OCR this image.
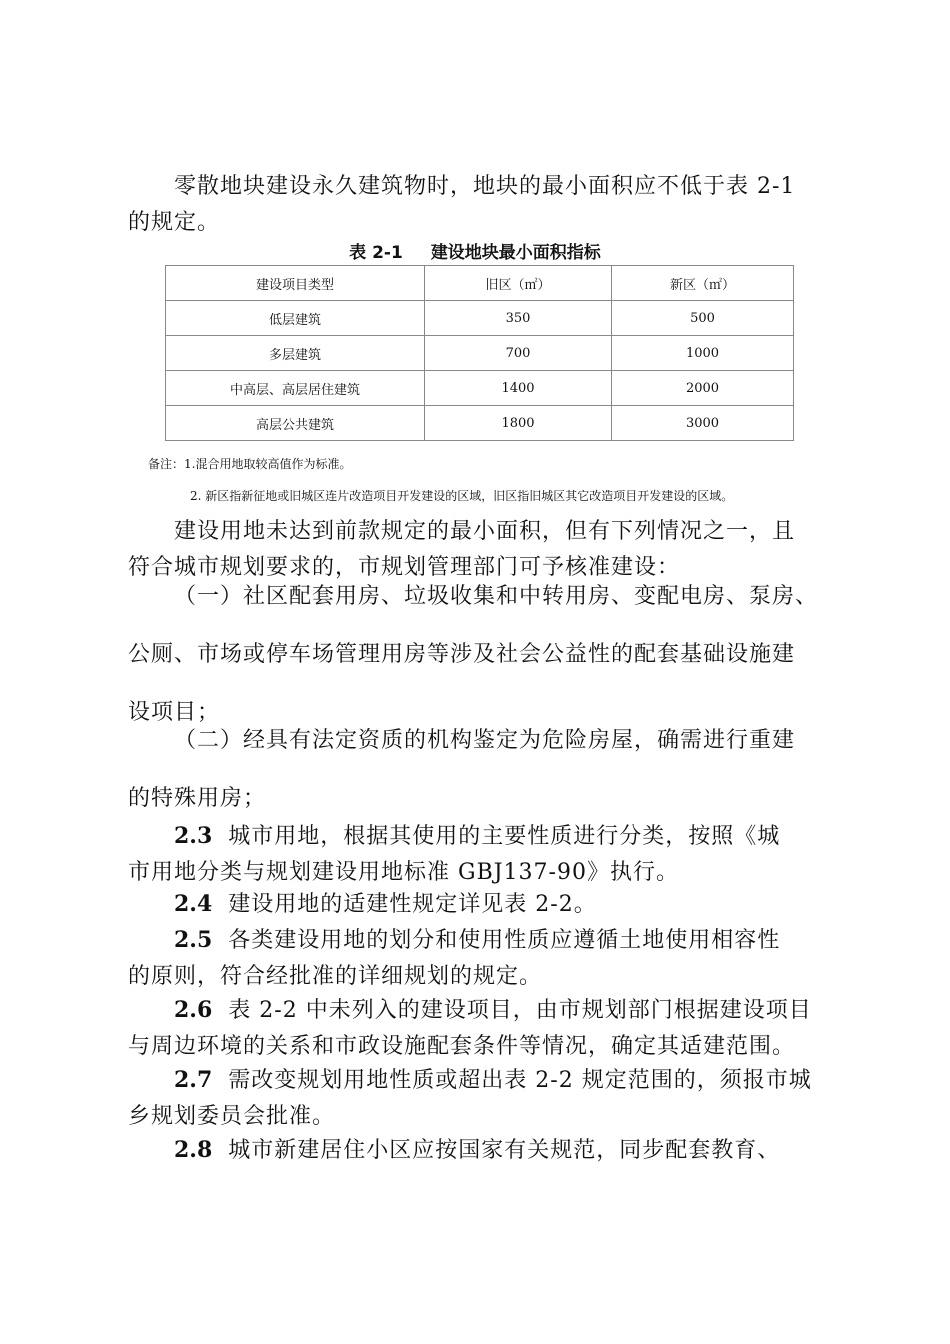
零散地块建设永久建筑物时，地块的最小面积应不低于表 2-1
的规定。
表 2-1 建设地块最小面积指标
建设项目类型	旧区（㎡）	新区（㎡）
低层建筑	350	500
多层建筑	700	1000
中高层、高层居住建筑	1400	2000
高层公共建筑	1800	3000
备注：1.混合用地取较高值作为标准。
2. 新区指新征地或旧城区连片改造项目开发建设的区域，旧区指旧城区其它改造项目开发建设的区域。
建设用地未达到前款规定的最小面积，但有下列情况之一，且
符合城市规划要求的，市规划管理部门可予核准建设：
（一）社区配套用房、垃圾收集和中转用房、变配电房、泵房、
公厕、市场或停车场管理用房等涉及社会公益性的配套基础设施建
设项目；
（二）经具有法定资质的机构鉴定为危险房屋，确需进行重建
的特殊用房；
2.3 城市用地，根据其使用的主要性质进行分类，按照《城
市用地分类与规划建设用地标准 GBJ137-90》执行。
2.4 建设用地的适建性规定详见表 2-2。
2.5 各类建设用地的划分和使用性质应遵循土地使用相容性
的原则，符合经批准的详细规划的规定。
2.6 表 2-2 中未列入的建设项目，由市规划部门根据建设项目
与周边环境的关系和市政设施配套条件等情况，确定其适建范围。
2.7 需改变规划用地性质或超出表 2-2 规定范围的，须报市城
乡规划委员会批准。
2.8 城市新建居住小区应按国家有关规范，同步配套教育、
